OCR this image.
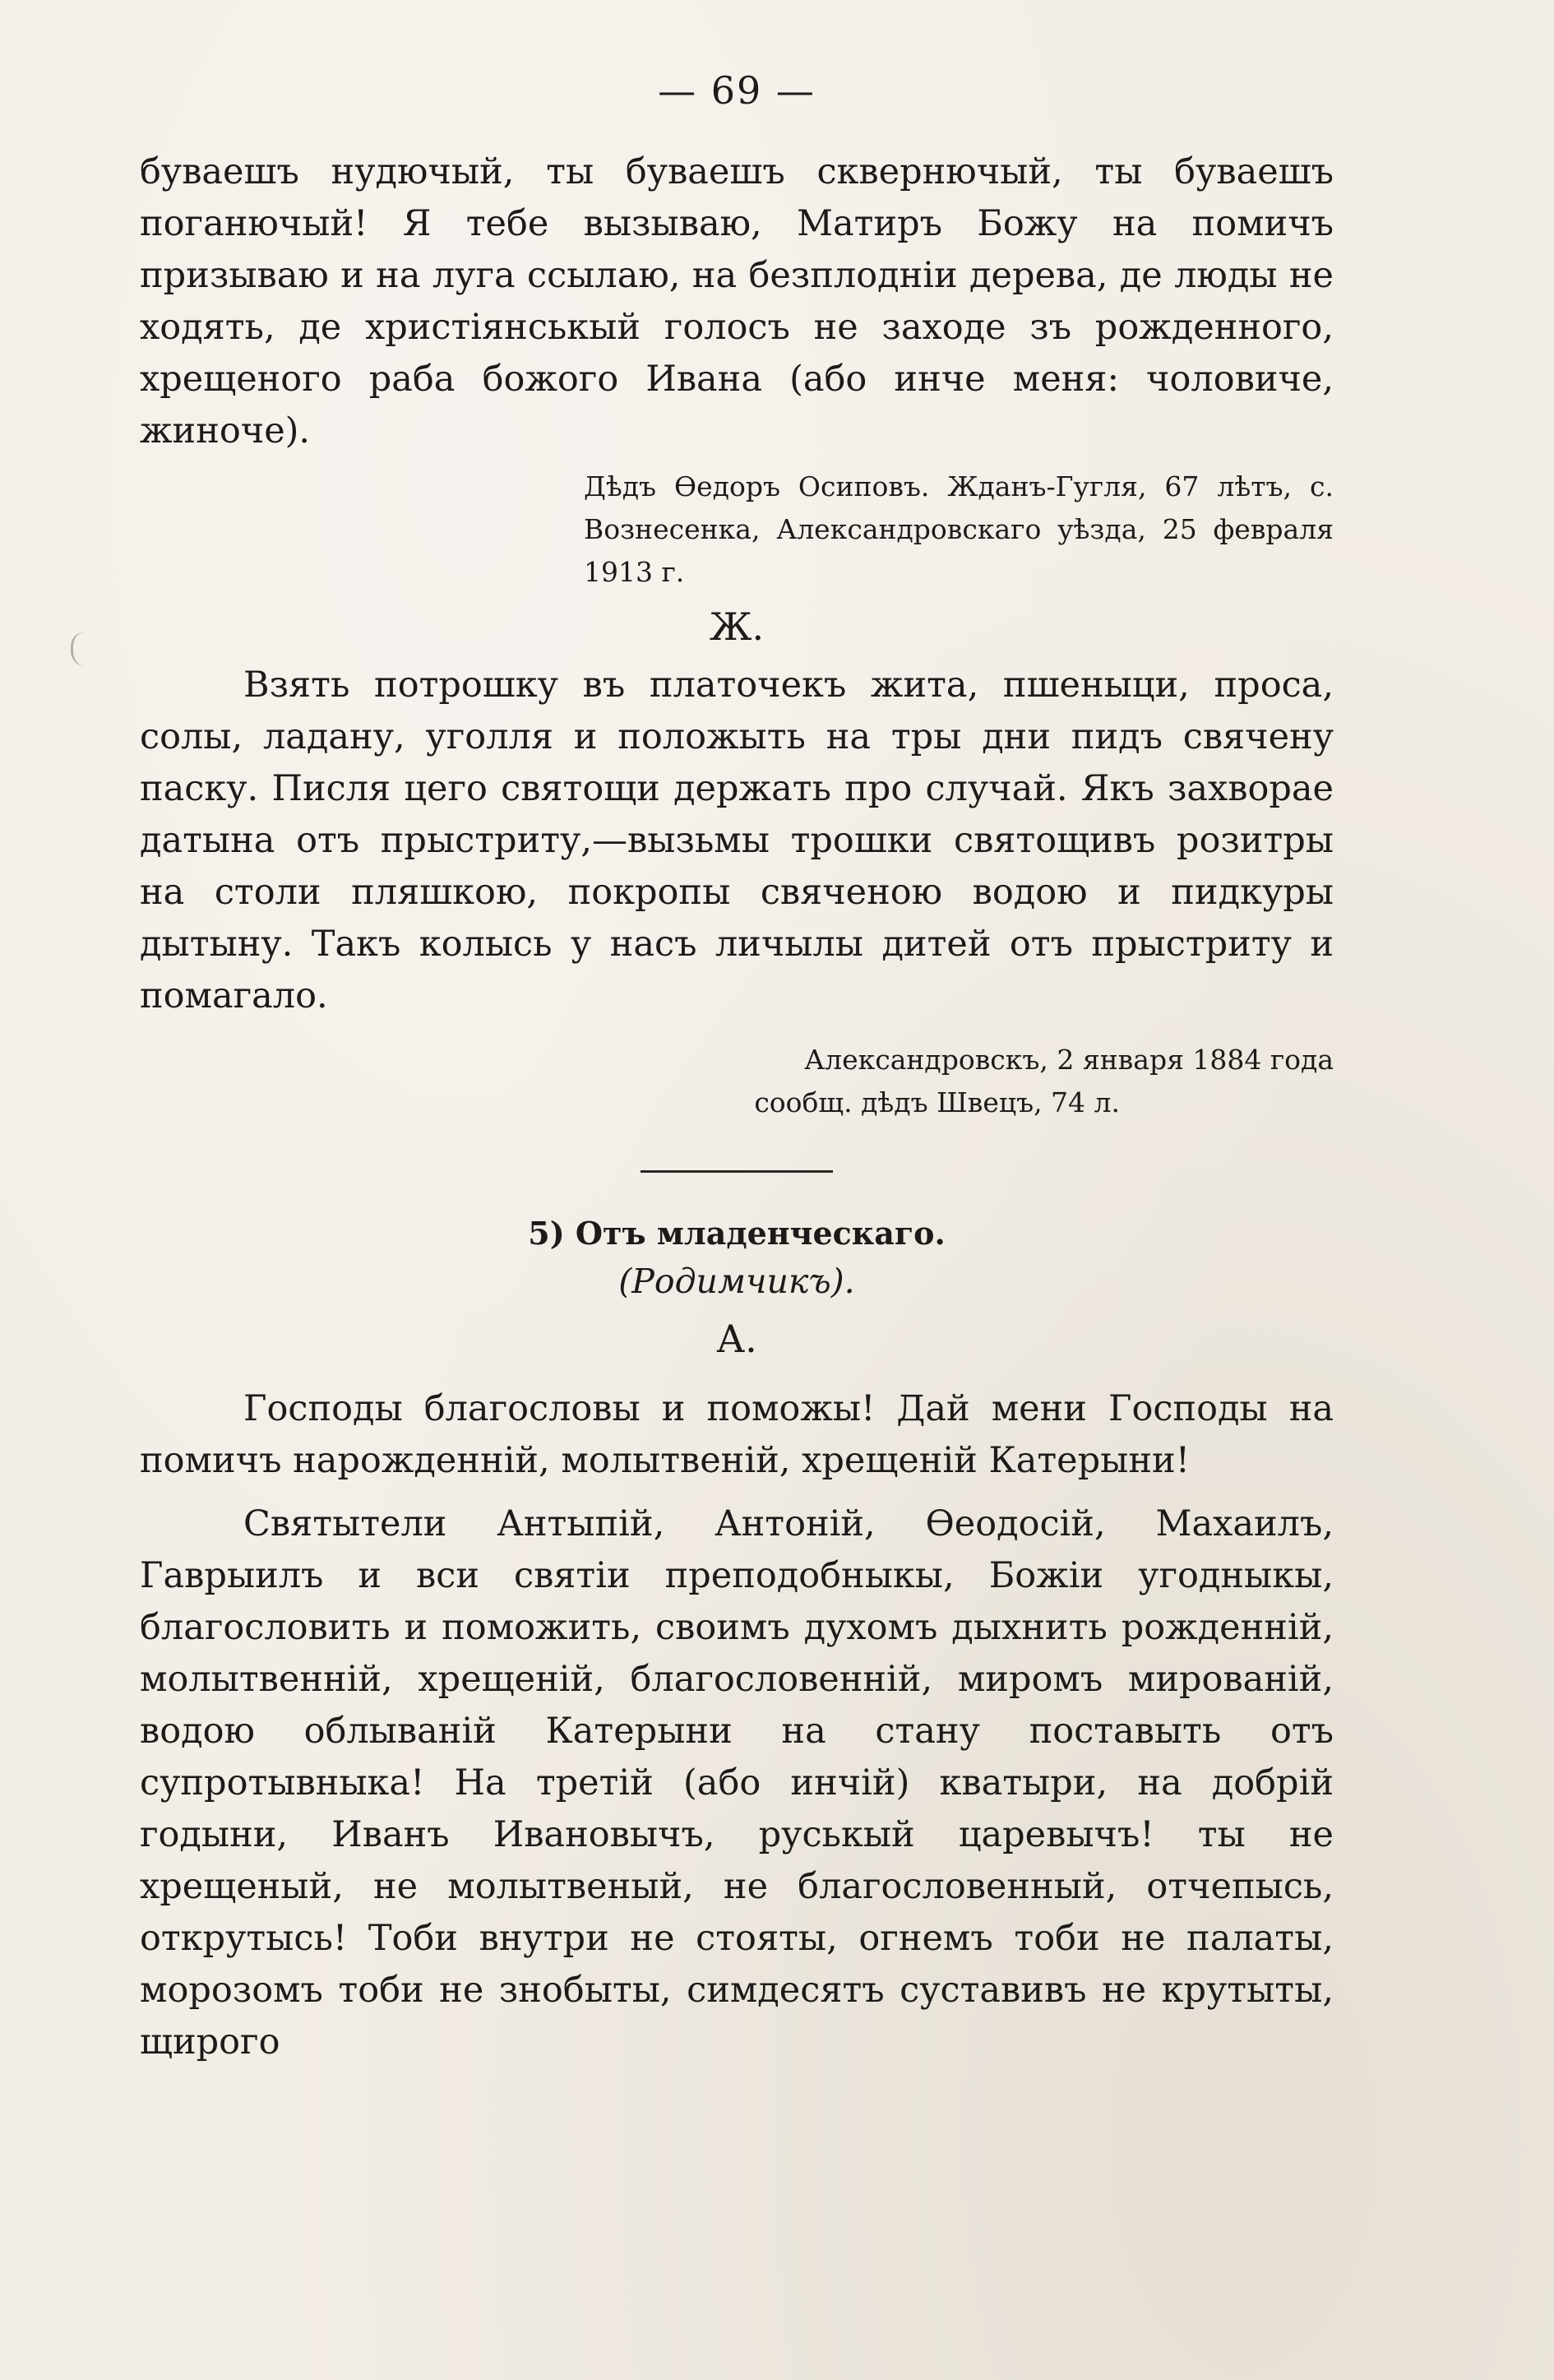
— 69 —

буваешъ нудючый, ты буваешъ сквернючый, ты буваешъ поганючый! Я тебе вызываю, Матиръ Божу на помичъ призываю и на луга ссылаю, на безплодніи дерева, де люды не ходять, де христіянськый голосъ не заходе зъ рожденного, хрещеного раба божого Ивана (або инче меня: чоловиче, жиноче).

Дѣдъ Ѳедоръ Осиповъ. Жданъ-Гугля, 67 лѣтъ, с. Вознесенка, Александровскаго уѣзда, 25 февраля 1913 г.

Ж.

Взять потрошку въ платочекъ жита, пшеныци, проса, солы, ладану, уголля и положыть на тры дни пидъ свячену паску. Писля цего святощи держать про случай. Якъ захворае датына отъ прыстриту,—вызьмы трошки святощивъ розитры на столи пляшкою, покропы свяченою водою и пидкуры дытыну. Такъ колысь у насъ личылы дитей отъ прыстриту и помагало.

Александровскъ, 2 января 1884 года

сообщ. дѣдъ Швецъ, 74 л.

5) Отъ младенческаго.

(Родимчикъ).

А.

Господы благословы и поможы! Дай мени Господы на помичъ нарожденній, молытвеній, хрещеній Катерыни!

Святытели Антыпій, Антоній, Ѳеодосій, Махаилъ, Гаврыилъ и вси святіи преподобныкы, Божіи угодныкы, благословить и поможить, своимъ духомъ дыхнить рожденній, молытвенній, хрещеній, благословенній, миромъ мированій, водою облываній Катерыни на стану поставыть отъ супротывныка! На третій (або инчій) кватыри, на добрій годыни, Иванъ Ивановычъ, руськый царевычъ! ты не хрещеный, не молытвеный, не благословенный, отчепысь, открутысь! Тоби внутри не стояты, огнемъ тоби не палаты, морозомъ тоби не знобыты, симдесятъ суставивъ не крутыты, щирого
